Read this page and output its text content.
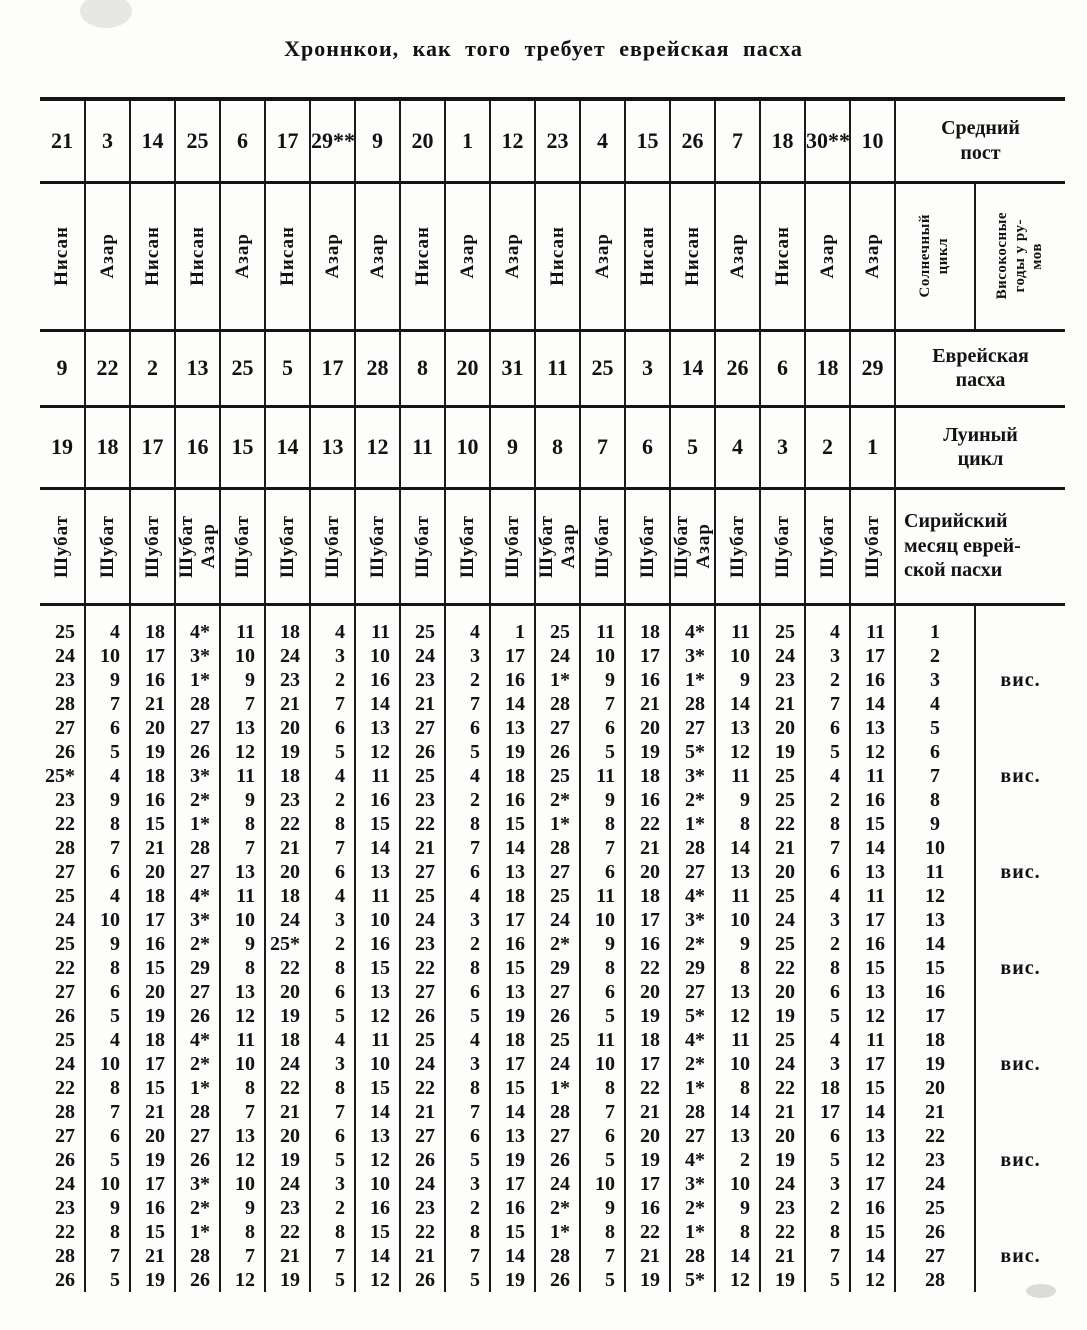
Хроннкои, как того требует еврейская пасха
21	3	14	25	6	17	29**	9	20	1	12	23	4	15	26	7	18	30**	10	Средний
пост	

Нисан	Азар	Нисан	Нисан	Азар	Нисан	Азар	Азар	Нисан	Азар	Азар	Нисан	Азар	Нисан	Нисан	Азар	Нисан	Азар	Азар	Солнечный цикл	Високосные годы у ру- мов

9	22	2	13	25	5	17	28	8	20	31	11	25	3	14	26	6	18	29	Еврейская
пасха	
19	18	17	16	15	14	13	12	11	10	9	8	7	6	5	4	3	2	1	Луиный
цикл	

Шубат	Шубат	Шубат	Шубат Азар	Шубат	Шубат	Шубат	Шубат	Шубат	Шубат	Шубат	Шубат Азар	Шубат	Шубат	Шубат Азар	Шубат	Шубат	Шубат	Шубат	Сирийский
месяц еврей-
ской пасхи	

25	4	18	4*	11	18	4	11	25	4	1	25	11	18	4*	11	25	4	11	1	
24	10	17	3*	10	24	3	10	24	3	17	24	10	17	3*	10	24	3	17	2	
23	9	16	1*	9	23	2	16	23	2	16	1*	9	16	1*	9	23	2	16	3	вис.
28	7	21	28	7	21	7	14	21	7	14	28	7	21	28	14	21	7	14	4	
27	6	20	27	13	20	6	13	27	6	13	27	6	20	27	13	20	6	13	5	
26	5	19	26	12	19	5	12	26	5	19	26	5	19	5*	12	19	5	12	6	
25*	4	18	3*	11	18	4	11	25	4	18	25	11	18	3*	11	25	4	11	7	вис.
23	9	16	2*	9	23	2	16	23	2	16	2*	9	16	2*	9	25	2	16	8	
22	8	15	1*	8	22	8	15	22	8	15	1*	8	22	1*	8	22	8	15	9	
28	7	21	28	7	21	7	14	21	7	14	28	7	21	28	14	21	7	14	10	
27	6	20	27	13	20	6	13	27	6	13	27	6	20	27	13	20	6	13	11	вис.
25	4	18	4*	11	18	4	11	25	4	18	25	11	18	4*	11	25	4	11	12	
24	10	17	3*	10	24	3	10	24	3	17	24	10	17	3*	10	24	3	17	13	
25	9	16	2*	9	25*	2	16	23	2	16	2*	9	16	2*	9	25	2	16	14	
22	8	15	29	8	22	8	15	22	8	15	29	8	22	29	8	22	8	15	15	вис.
27	6	20	27	13	20	6	13	27	6	13	27	6	20	27	13	20	6	13	16	
26	5	19	26	12	19	5	12	26	5	19	26	5	19	5*	12	19	5	12	17	
25	4	18	4*	11	18	4	11	25	4	18	25	11	18	4*	11	25	4	11	18	
24	10	17	2*	10	24	3	10	24	3	17	24	10	17	2*	10	24	3	17	19	вис.
22	8	15	1*	8	22	8	15	22	8	15	1*	8	22	1*	8	22	18	15	20	
28	7	21	28	7	21	7	14	21	7	14	28	7	21	28	14	21	17	14	21	
27	6	20	27	13	20	6	13	27	6	13	27	6	20	27	13	20	6	13	22	
26	5	19	26	12	19	5	12	26	5	19	26	5	19	4*	2	19	5	12	23	вис.
24	10	17	3*	10	24	3	10	24	3	17	24	10	17	3*	10	24	3	17	24	
23	9	16	2*	9	23	2	16	23	2	16	2*	9	16	2*	9	23	2	16	25	
22	8	15	1*	8	22	8	15	22	8	15	1*	8	22	1*	8	22	8	15	26	
28	7	21	28	7	21	7	14	21	7	14	28	7	21	28	14	21	7	14	27	вис.
26	5	19	26	12	19	5	12	26	5	19	26	5	19	5*	12	19	5	12	28	
